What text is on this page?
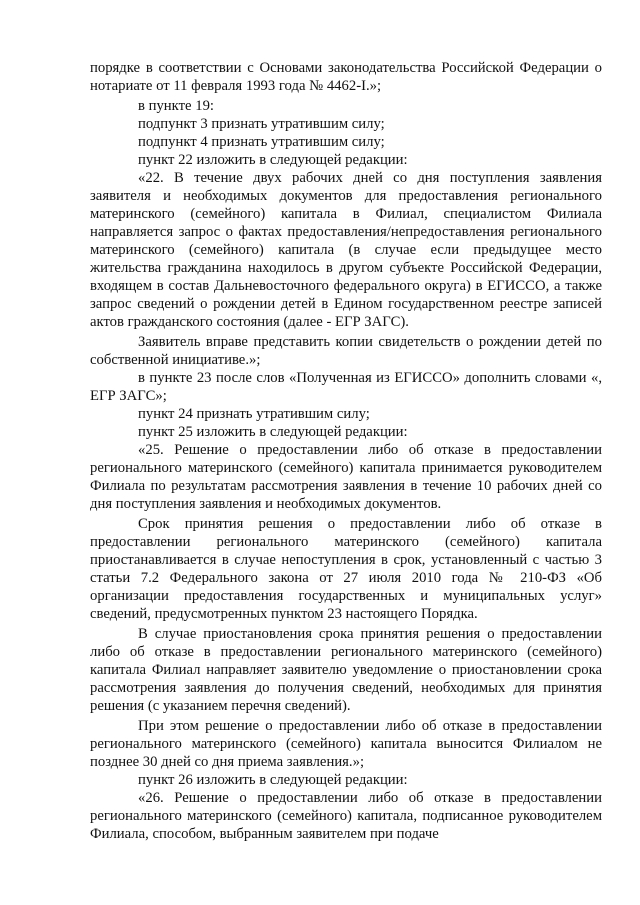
порядке в соответствии с Основами законодательства Российской Федерации о нотариате от 11 февраля 1993 года № 4462-I.»;

в пункте 19:

подпункт 3 признать утратившим силу;

подпункт 4 признать утратившим силу;

пункт 22 изложить в следующей редакции:

«22. В течение двух рабочих дней со дня поступления заявления заявителя и необходимых документов для предоставления регионального материнского (семейного) капитала в Филиал, специалистом Филиала направляется запрос о фактах предоставления/непредоставления регионального материнского (семейного) капитала (в случае если предыдущее место жительства гражданина находилось в другом субъекте Российской Федерации, входящем в состав Дальневосточного федерального округа) в ЕГИССО, а также запрос сведений о рождении детей в Едином государственном реестре записей актов гражданского состояния (далее - ЕГР ЗАГС).

Заявитель вправе представить копии свидетельств о рождении детей по собственной инициативе.»;

в пункте 23 после слов «Полученная из ЕГИССО» дополнить словами «, ЕГР ЗАГС»;

пункт 24 признать утратившим силу;

пункт 25 изложить в следующей редакции:

«25. Решение о предоставлении либо об отказе в предоставлении регионального материнского (семейного) капитала принимается руководителем Филиала по результатам рассмотрения заявления в течение 10 рабочих дней со дня поступления заявления и необходимых документов.

Срок принятия решения о предоставлении либо об отказе в предоставлении регионального материнского (семейного) капитала приостанавливается в случае непоступления в срок, установленный с частью 3 статьи 7.2 Федерального закона от 27 июля 2010 года № 210-ФЗ «Об организации предоставления государственных и муниципальных услуг» сведений, предусмотренных пунктом 23 настоящего Порядка.

В случае приостановления срока принятия решения о предоставлении либо об отказе в предоставлении регионального материнского (семейного) капитала Филиал направляет заявителю уведомление о приостановлении срока рассмотрения заявления до получения сведений, необходимых для принятия решения (с указанием перечня сведений).

При этом решение о предоставлении либо об отказе в предоставлении регионального материнского (семейного) капитала выносится Филиалом не позднее 30 дней со дня приема заявления.»;

пункт 26 изложить в следующей редакции:

«26. Решение о предоставлении либо об отказе в предоставлении регионального материнского (семейного) капитала, подписанное руководителем Филиала, способом, выбранным заявителем при подаче
